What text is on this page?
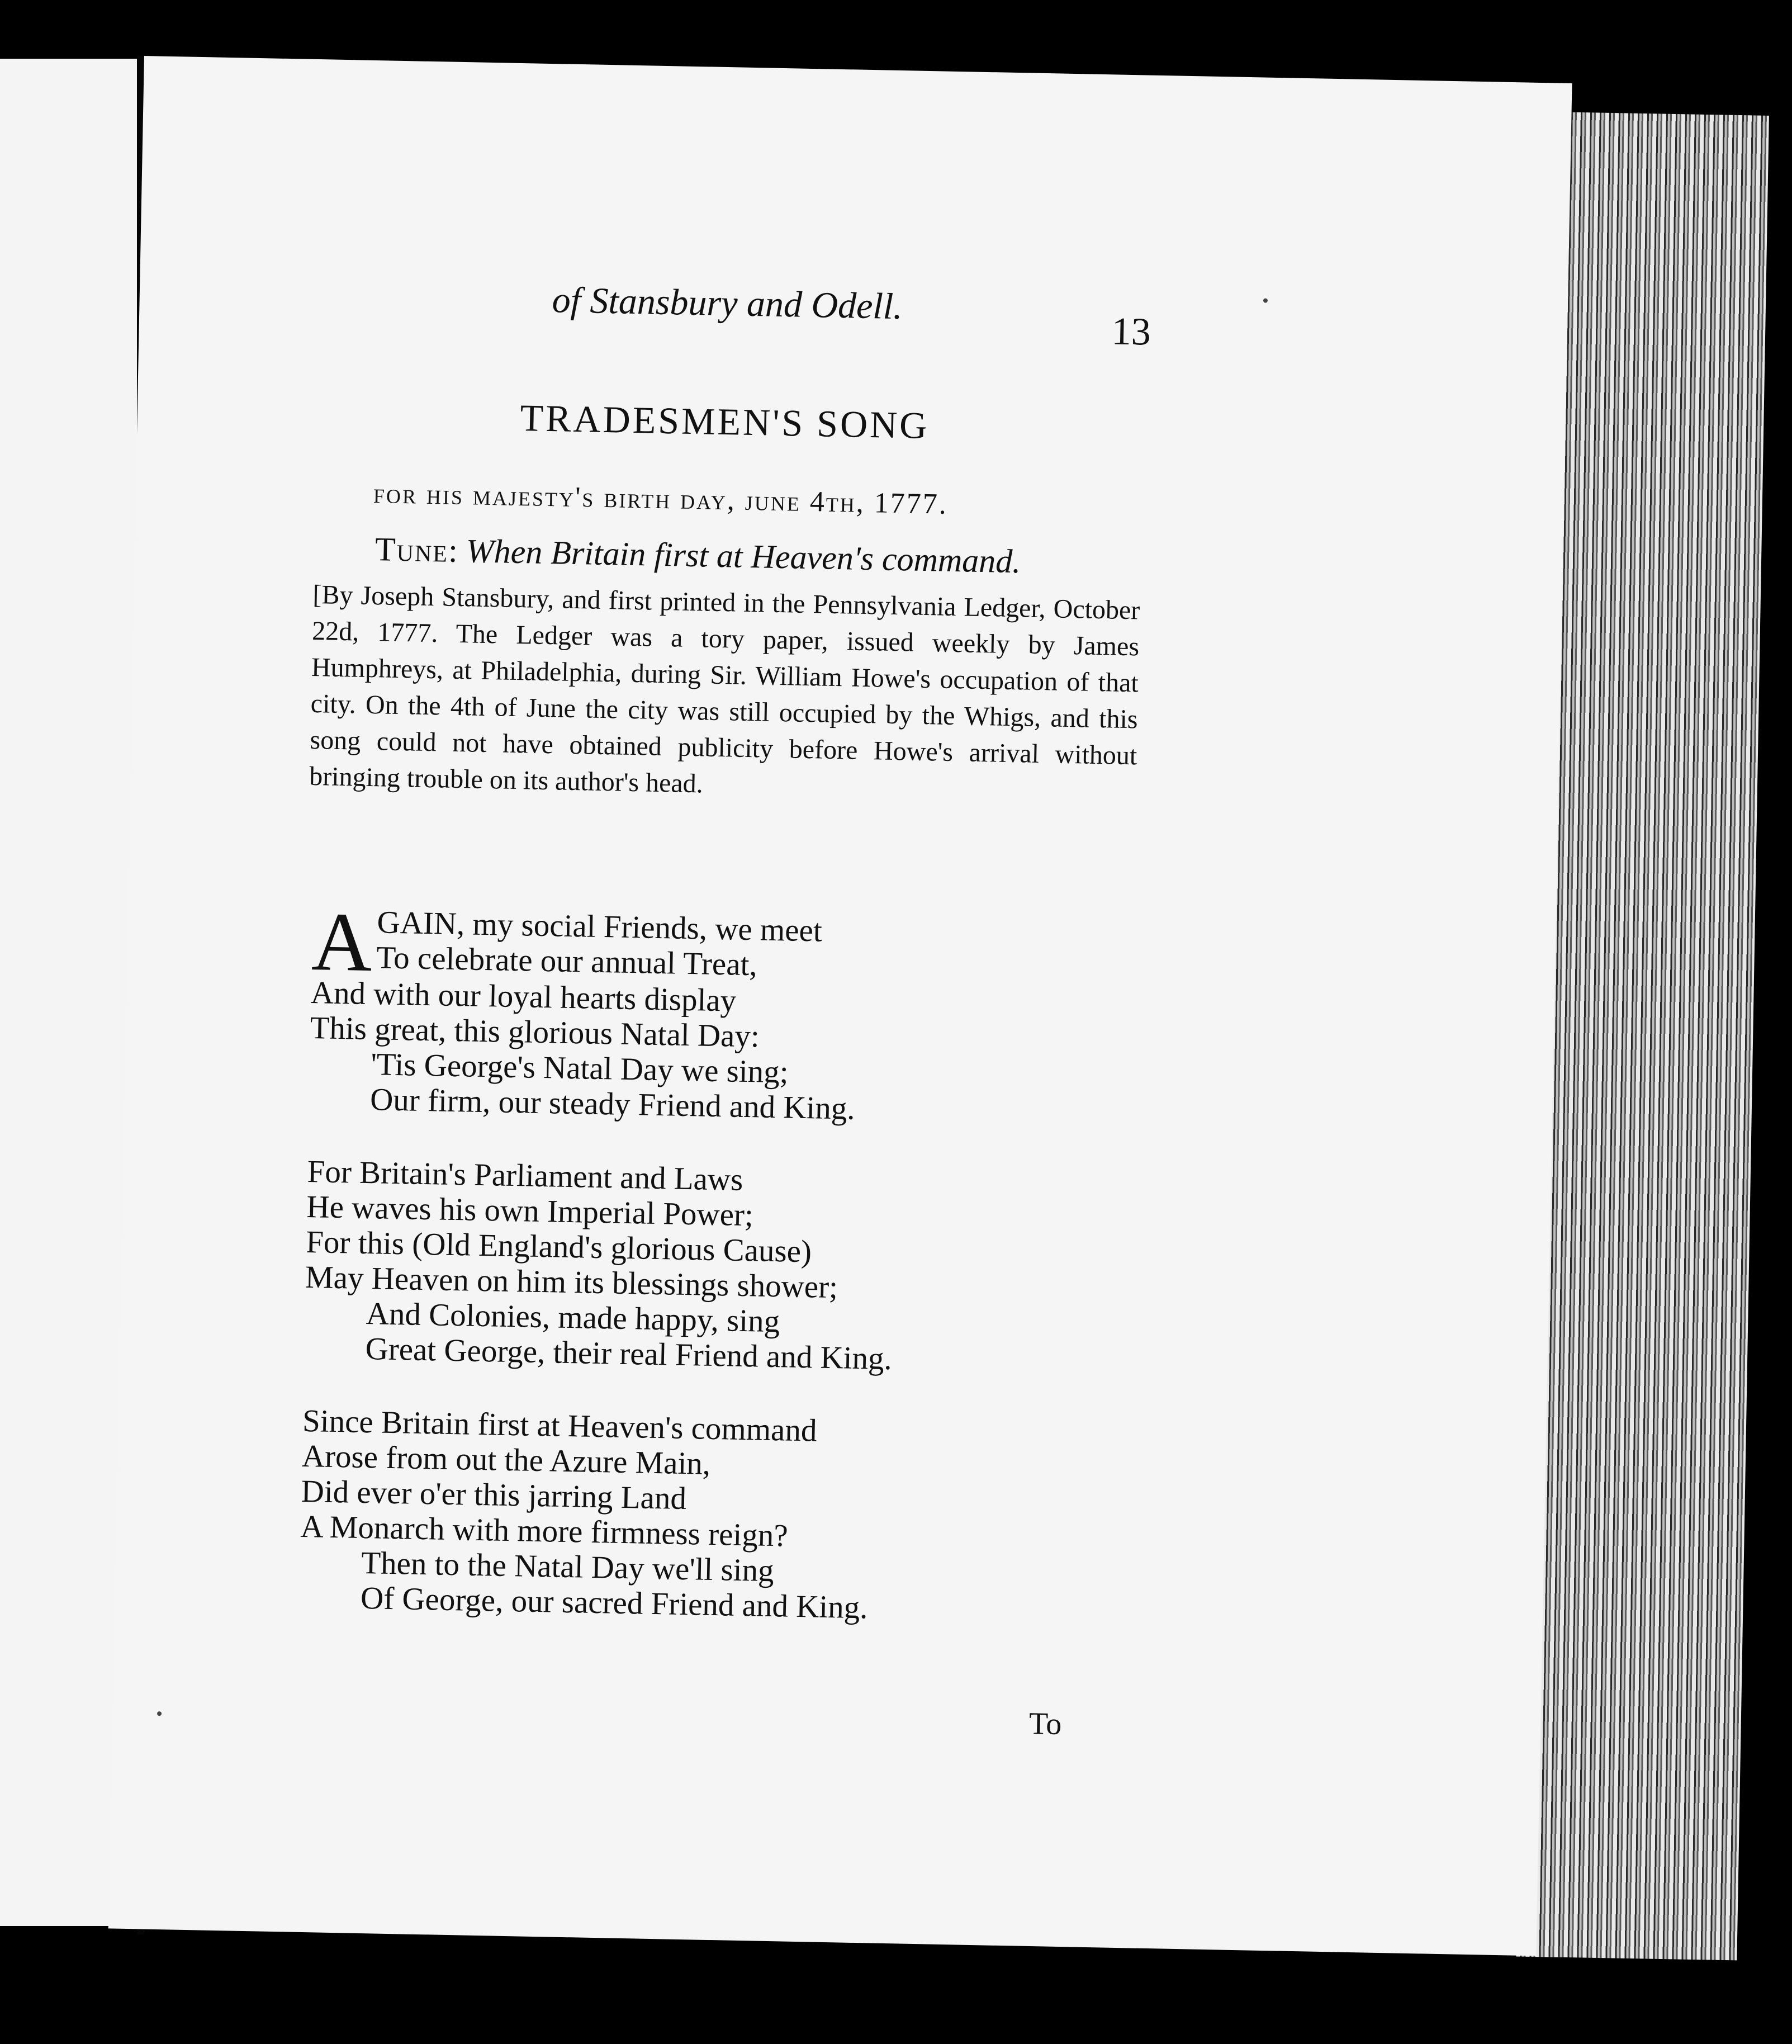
of Stansbury and Odell.
13
TRADESMEN'S SONG
for his majesty's birth day, june 4th, 1777.
Tune: When Britain first at Heaven's command.
[By Joseph Stansbury, and first printed in the Pennsylvania Ledger, October 22d, 1777. The Ledger was a tory paper, issued weekly by James Humphreys, at Philadelphia, during Sir. William Howe's occupation of that city. On the 4th of June the city was still occupied by the Whigs, and this song could not have obtained publicity before Howe's arrival without bringing trouble on its author's head.
A GAIN, my social Friends, we meet
To celebrate our annual Treat,
And with our loyal hearts display
This great, this glorious Natal Day:
'Tis George's Natal Day we sing;
Our firm, our steady Friend and King.
For Britain's Parliament and Laws
He waves his own Imperial Power;
For this (Old England's glorious Cause)
May Heaven on him its blessings shower;
And Colonies, made happy, sing
Great George, their real Friend and King.
Since Britain first at Heaven's command
Arose from out the Azure Main,
Did ever o'er this jarring Land
A Monarch with more firmness reign?
Then to the Natal Day we'll sing
Of George, our sacred Friend and King.
To
